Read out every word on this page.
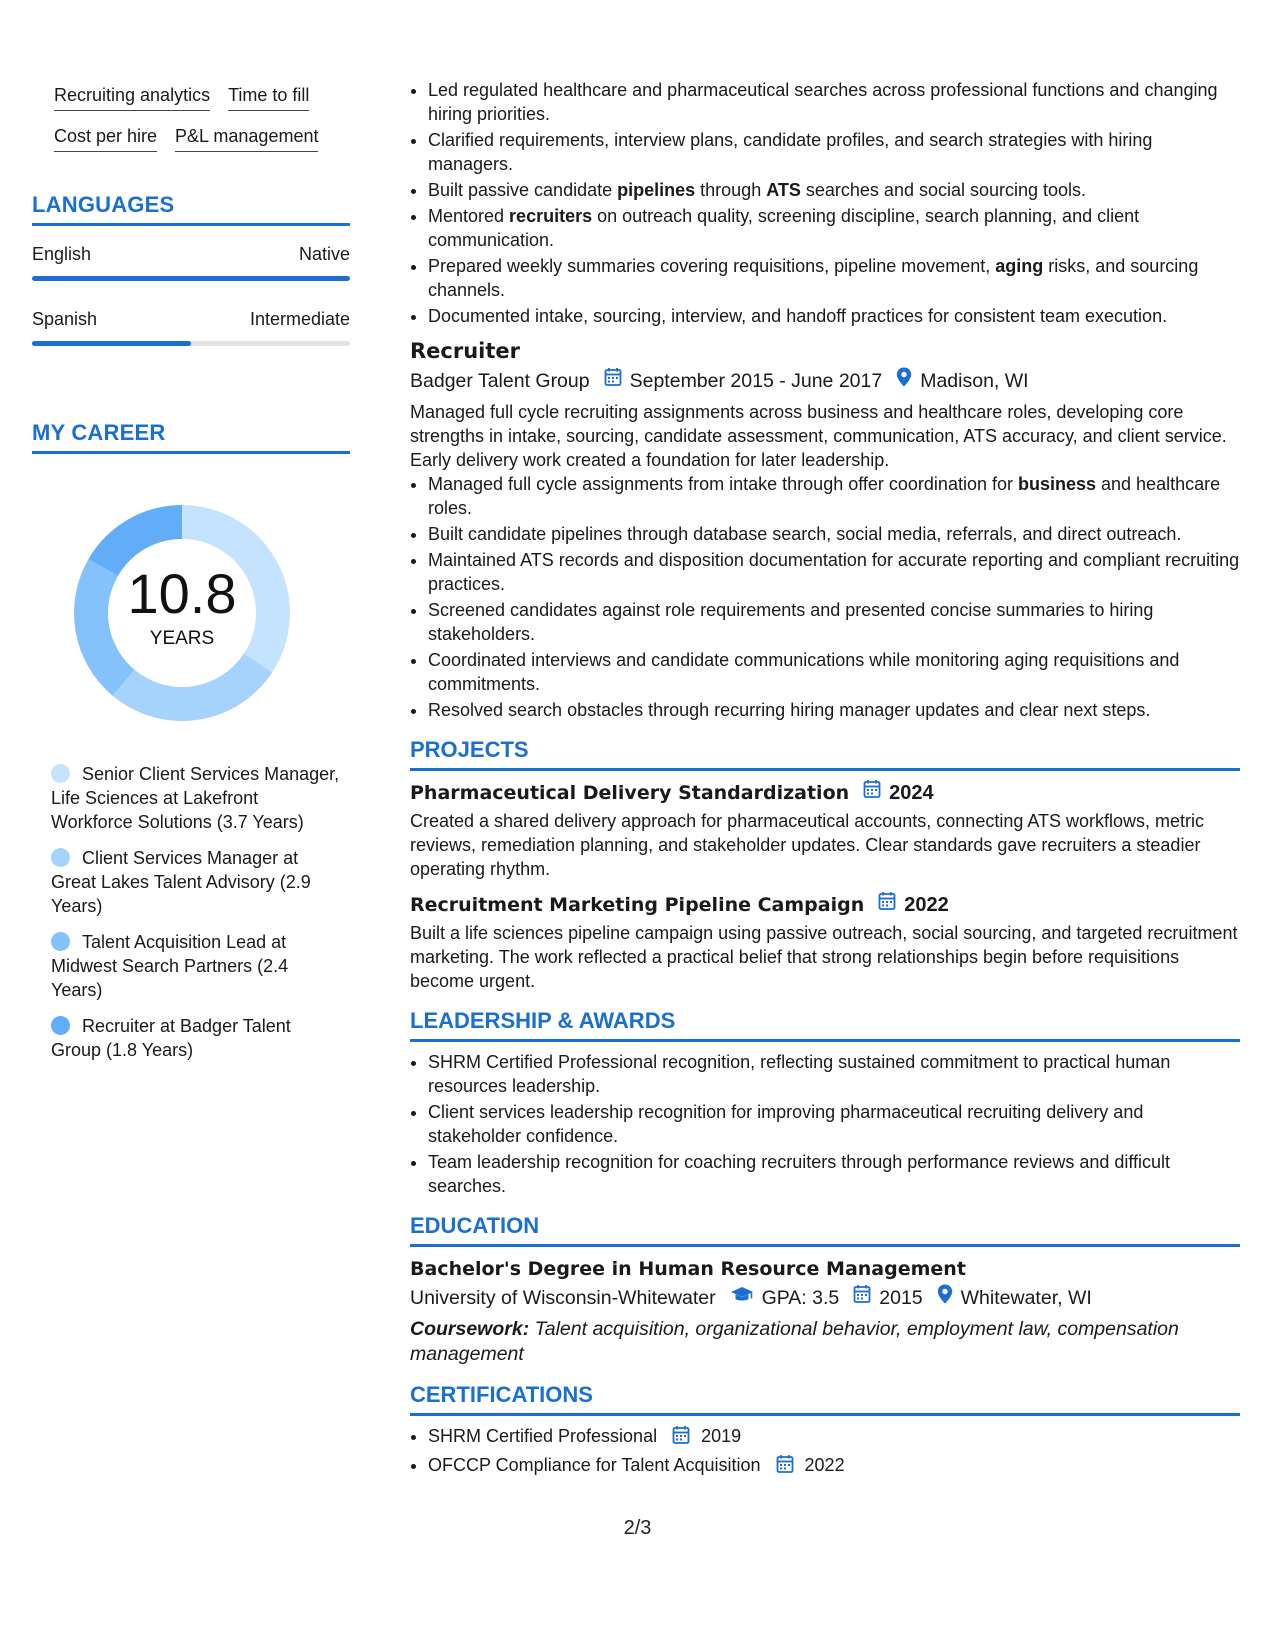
Recruiting analytics Time to fill
Cost per hire P&L management
LANGUAGES
English	Native
Spanish	Intermediate
MY CAREER
10.8
YEARS
Senior Client Services Manager, Life Sciences at Lakefront Workforce Solutions (3.7 Years)
Client Services Manager at Great Lakes Talent Advisory (2.9 Years)
Talent Acquisition Lead at Midwest Search Partners (2.4 Years)
Recruiter at Badger Talent Group (1.8 Years)
• Led regulated healthcare and pharmaceutical searches across professional functions and changing hiring priorities.
• Clarified requirements, interview plans, candidate profiles, and search strategies with hiring managers.
• Built passive candidate pipelines through ATS searches and social sourcing tools.
• Mentored recruiters on outreach quality, screening discipline, search planning, and client communication.
• Prepared weekly summaries covering requisitions, pipeline movement, aging risks, and sourcing channels.
• Documented intake, sourcing, interview, and handoff practices for consistent team execution.
Recruiter
Badger Talent Group September 2015 - June 2017 Madison, WI
Managed full cycle recruiting assignments across business and healthcare roles, developing core strengths in intake, sourcing, candidate assessment, communication, ATS accuracy, and client service. Early delivery work created a foundation for later leadership.
• Managed full cycle assignments from intake through offer coordination for business and healthcare roles.
• Built candidate pipelines through database search, social media, referrals, and direct outreach.
• Maintained ATS records and disposition documentation for accurate reporting and compliant recruiting practices.
• Screened candidates against role requirements and presented concise summaries to hiring stakeholders.
• Coordinated interviews and candidate communications while monitoring aging requisitions and commitments.
• Resolved search obstacles through recurring hiring manager updates and clear next steps.
PROJECTS
Pharmaceutical Delivery Standardization 2024
Created a shared delivery approach for pharmaceutical accounts, connecting ATS workflows, metric reviews, remediation planning, and stakeholder updates. Clear standards gave recruiters a steadier operating rhythm.
Recruitment Marketing Pipeline Campaign 2022
Built a life sciences pipeline campaign using passive outreach, social sourcing, and targeted recruitment marketing. The work reflected a practical belief that strong relationships begin before requisitions become urgent.
LEADERSHIP & AWARDS
• SHRM Certified Professional recognition, reflecting sustained commitment to practical human resources leadership.
• Client services leadership recognition for improving pharmaceutical recruiting delivery and stakeholder confidence.
• Team leadership recognition for coaching recruiters through performance reviews and difficult searches.
EDUCATION
Bachelor's Degree in Human Resource Management
University of Wisconsin-Whitewater GPA: 3.5 2015 Whitewater, WI
Coursework: Talent acquisition, organizational behavior, employment law, compensation management
CERTIFICATIONS
• SHRM Certified Professional 2019
• OFCCP Compliance for Talent Acquisition 2022
2/3
